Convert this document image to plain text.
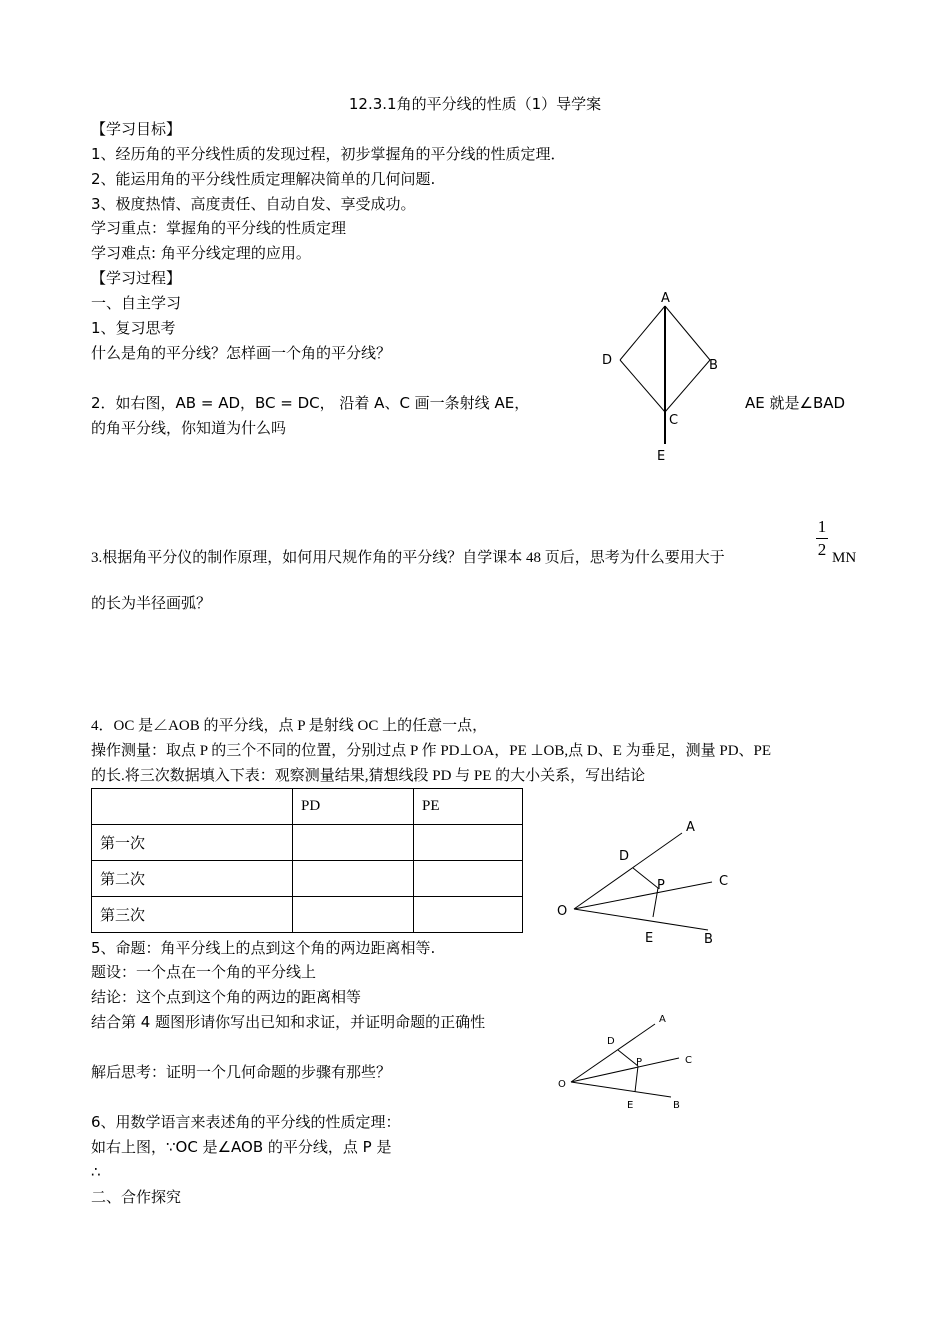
12.3.1角的平分线的性质（1）导学案
【学习目标】
1、经历角的平分线性质的发现过程，初步掌握角的平分线的性质定理．
2、能运用角的平分线性质定理解决简单的几何问题.
3、极度热情、高度责任、自动自发、享受成功。
学习重点：掌握角的平分线的性质定理
学习难点: 角平分线定理的应用。
【学习过程】
一、自主学习
1、复习思考
什么是角的平分线？怎样画一个角的平分线？
2．如右图，AB = AD，BC = DC， 沿着 A、C 画一条射线 AE，	AE 就是∠BAD
的角平分线，你知道为什么吗
A
B
C
D
E
3.根据角平分仪的制作原理，如何用尺规作角的平分线？自学课本 48 页后，思考为什么要用大于
1
2 MN
的长为半径画弧？
4．OC 是∠AOB 的平分线，点 P 是射线 OC 上的任意一点，
操作测量：取点 P 的三个不同的位置，分别过点 P 作 PD⊥OA，PE ⊥OB,点 D、E 为垂足，测量 PD、PE
的长.将三次数据填入下表：观察测量结果,猜想线段 PD 与 PE 的大小关系，写出结论
	PD	PE
第一次		
第二次		
第三次		
A
B
C
D
E
O
P
5、命题：角平分线上的点到这个角的两边距离相等.
题设：一个点在一个角的平分线上
结论：这个点到这个角的两边的距离相等
结合第 4 题图形请你写出已知和求证，并证明命题的正确性
解后思考：证明一个几何命题的步骤有那些？
A
B
C
D
E
O
P
6、用数学语言来表述角的平分线的性质定理：
如右上图，∵OC 是∠AOB 的平分线，点 P 是
∴
二、合作探究
